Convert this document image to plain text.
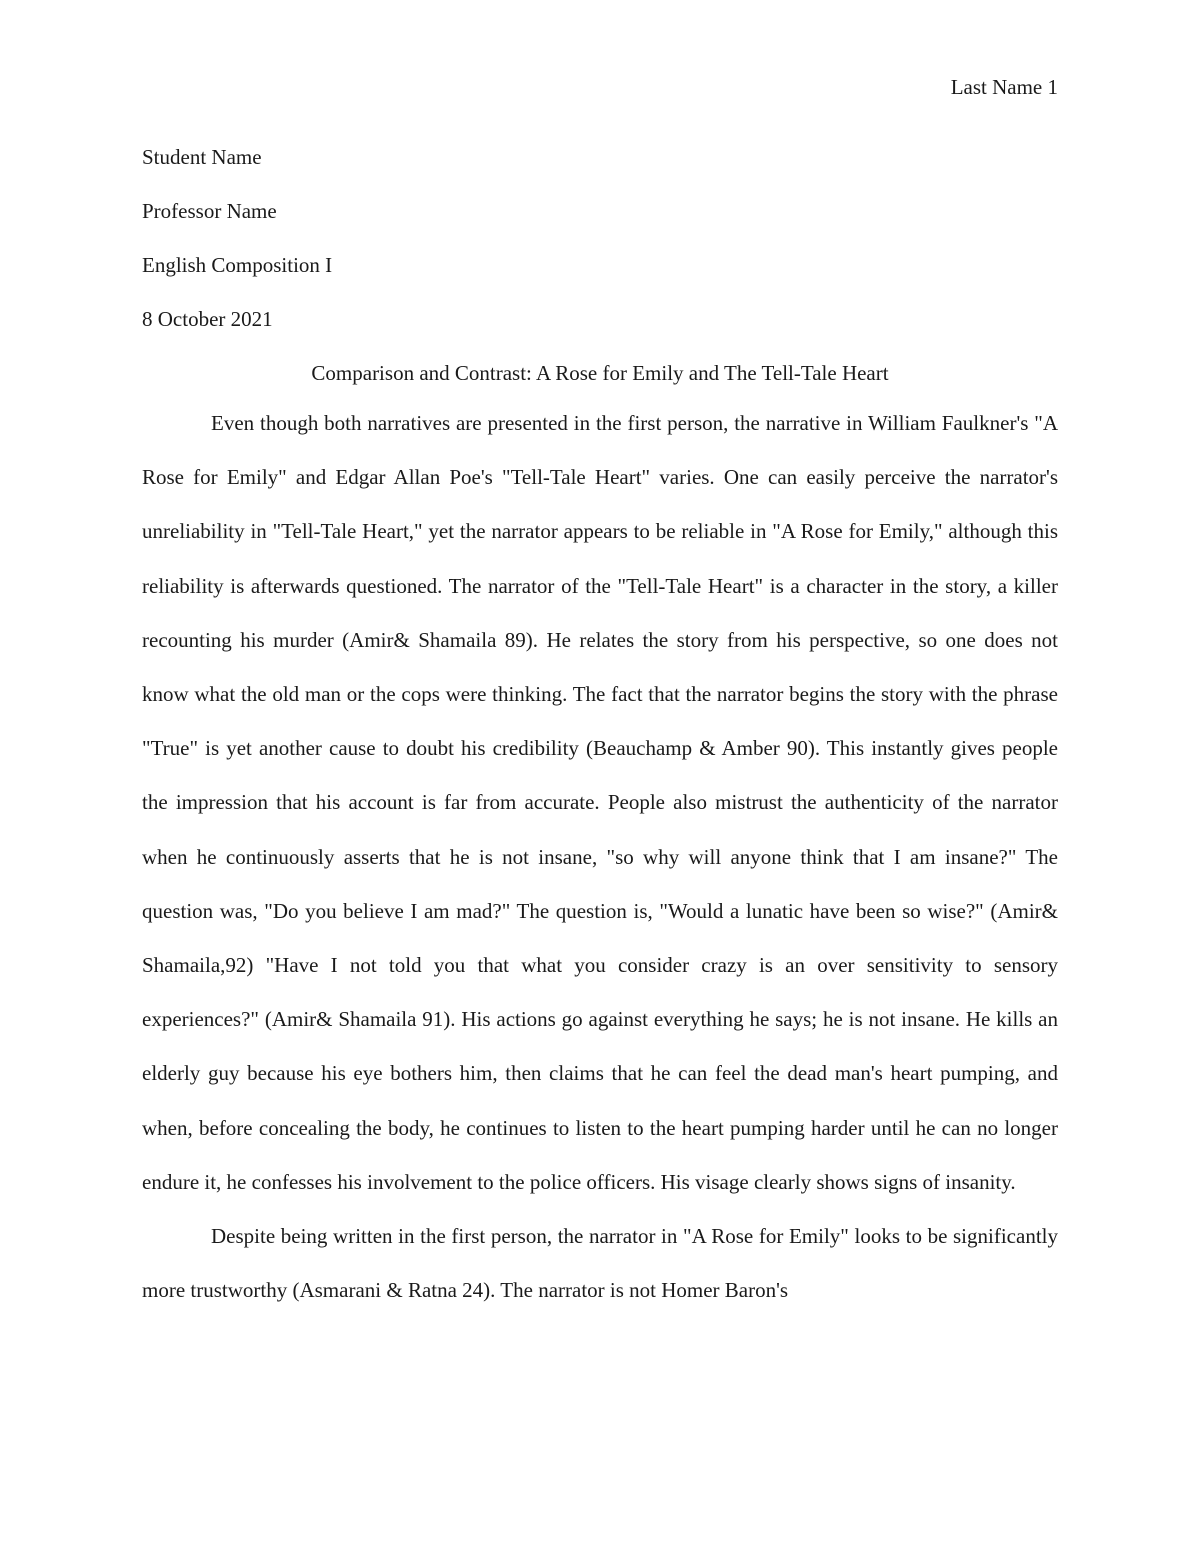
Last Name 1
Student Name
Professor Name
English Composition I
8 October 2021
Comparison and Contrast: A Rose for Emily and The Tell-Tale Heart

Even though both narratives are presented in the first person, the narrative in William Faulkner's "A Rose for Emily" and Edgar Allan Poe's "Tell-Tale Heart" varies. One can easily perceive the narrator's unreliability in "Tell-Tale Heart," yet the narrator appears to be reliable in "A Rose for Emily," although this reliability is afterwards questioned. The narrator of the "Tell-Tale Heart" is a character in the story, a killer recounting his murder (Amir& Shamaila 89). He relates the story from his perspective, so one does not know what the old man or the cops were thinking. The fact that the narrator begins the story with the phrase "True" is yet another cause to doubt his credibility (Beauchamp & Amber 90). This instantly gives people the impression that his account is far from accurate. People also mistrust the authenticity of the narrator when he continuously asserts that he is not insane, "so why will anyone think that I am insane?" The question was, "Do you believe I am mad?" The question is, "Would a lunatic have been so wise?" (Amir& Shamaila,92) "Have I not told you that what you consider crazy is an over sensitivity to sensory experiences?" (Amir& Shamaila 91). His actions go against everything he says; he is not insane. He kills an elderly guy because his eye bothers him, then claims that he can feel the dead man's heart pumping, and when, before concealing the body, he continues to listen to the heart pumping harder until he can no longer endure it, he confesses his involvement to the police officers. His visage clearly shows signs of insanity.

Despite being written in the first person, the narrator in "A Rose for Emily" looks to be significantly more trustworthy (Asmarani & Ratna 24). The narrator is not Homer Baron's
